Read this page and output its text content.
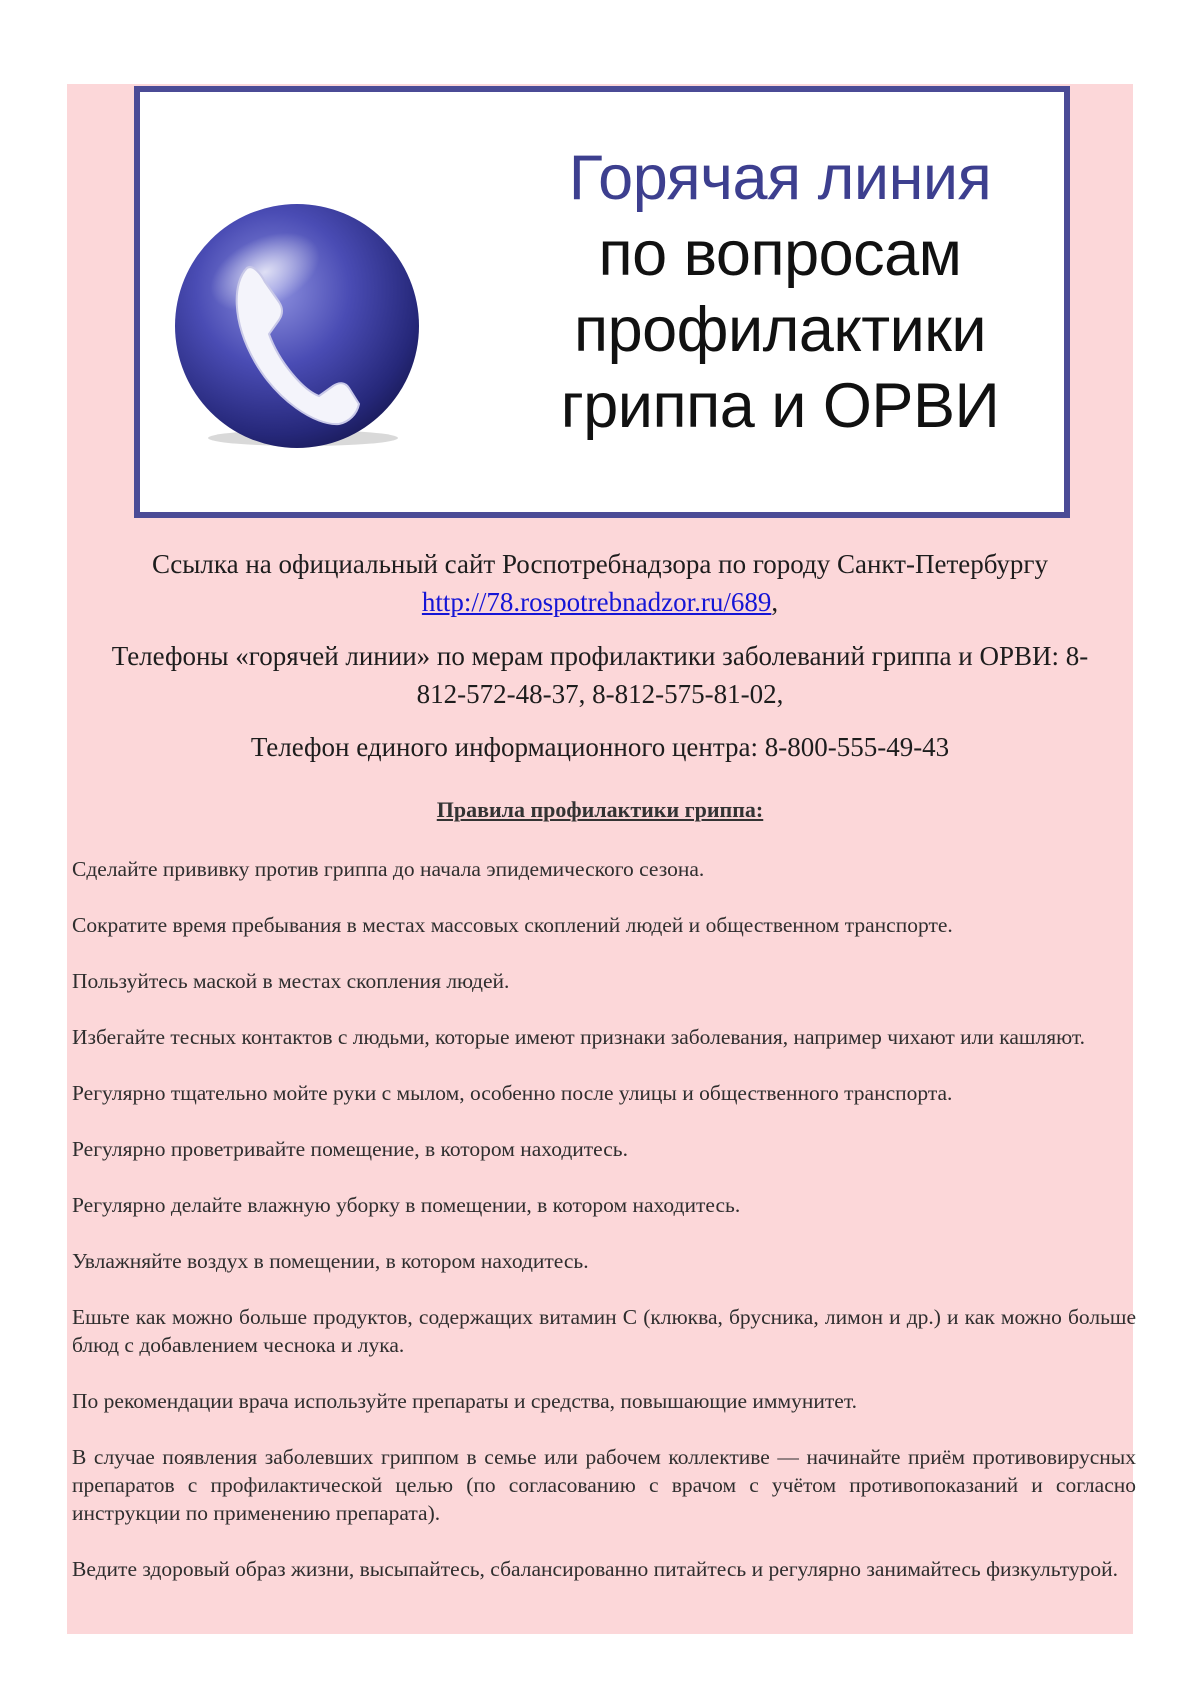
Горячая линия
по вопросам
профилактики
гриппа и ОРВИ
Ссылка на официальный сайт Роспотребнадзора по городу Санкт-Петербургу
http://78.rospotrebnadzor.ru/689,
Телефоны «горячей линии» по мерам профилактики заболеваний гриппа и ОРВИ: 8-
812-572-48-37, 8-812-575-81-02,
Телефон единого информационного центра: 8-800-555-49-43
Правила профилактики гриппа:

Сделайте прививку против гриппа до начала эпидемического сезона.

Сократите время пребывания в местах массовых скоплений людей и общественном транспорте.

Пользуйтесь маской в местах скопления людей.

Избегайте тесных контактов с людьми, которые имеют признаки заболевания, например чихают или кашляют.

Регулярно тщательно мойте руки с мылом, особенно после улицы и общественного транспорта.

Регулярно проветривайте помещение, в котором находитесь.

Регулярно делайте влажную уборку в помещении, в котором находитесь.

Увлажняйте воздух в помещении, в котором находитесь.

Ешьте как можно больше продуктов, содержащих витамин С (клюква, брусника, лимон и др.) и как можно больше блюд с добавлением чеснока и лука.

По рекомендации врача используйте препараты и средства, повышающие иммунитет.

В случае появления заболевших гриппом в семье или рабочем коллективе — начинайте приём противовирусных препаратов с профилактической целью (по согласованию с врачом с учётом противопоказаний и согласно инструкции по применению препарата).

Ведите здоровый образ жизни, высыпайтесь, сбалансированно питайтесь и регулярно занимайтесь физкультурой.
